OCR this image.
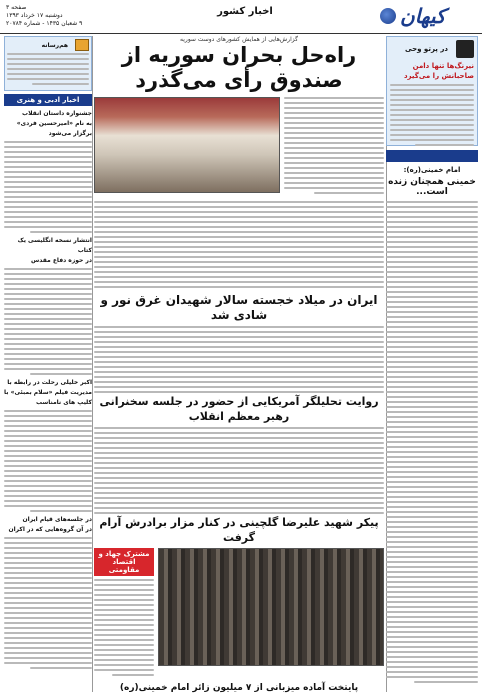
کیهان
اخبار کشور
صفحه ۳
دوشنبه ۱۷ خرداد ۱۳۹۳
۹ شعبان ۱۴۳۵ - شماره ۲۰۷۸۴
در پرتو وحی
نیرنگ‌ها تنها دامن صاحبانش را می‌گیرد
امام خمینی(ره):
خمینی همچنان زنده است...
گزارش‌هایی از همایش کشورهای دوست سوریه
راه‌حل بحران سوریه از صندوق رأی می‌گذرد
ایران در میلاد خجسته سالار شهیدان غرق نور و شادی شد
روایت تحلیلگر آمریکایی از حضور در جلسه سخنرانی رهبر معظم انقلاب
پیکر شهید علیرضا گلچینی در کنار مزار برادرش آرام گرفت
مشترک جهاد و اقتصاد مقاومتی
پایتخت آماده میزبانی از ۷ میلیون زائر امام خمینی(ره)
هم‌رسانه
اخبار ادبی و هنری
جشنواره داستان انقلاب
به نام «امیرحسین فردی» برگزار می‌شود
انتشار نسخه انگلیسی یک کتاب
در حوزه دفاع مقدس
اکبر خلیلی رحلت در رابطه با
مدیریت فیلم «سلام بمبئی» با کلیپ های نامناسب
در جلسه‌های قیام ایران
در آن گروه‌هایی که در اکران
